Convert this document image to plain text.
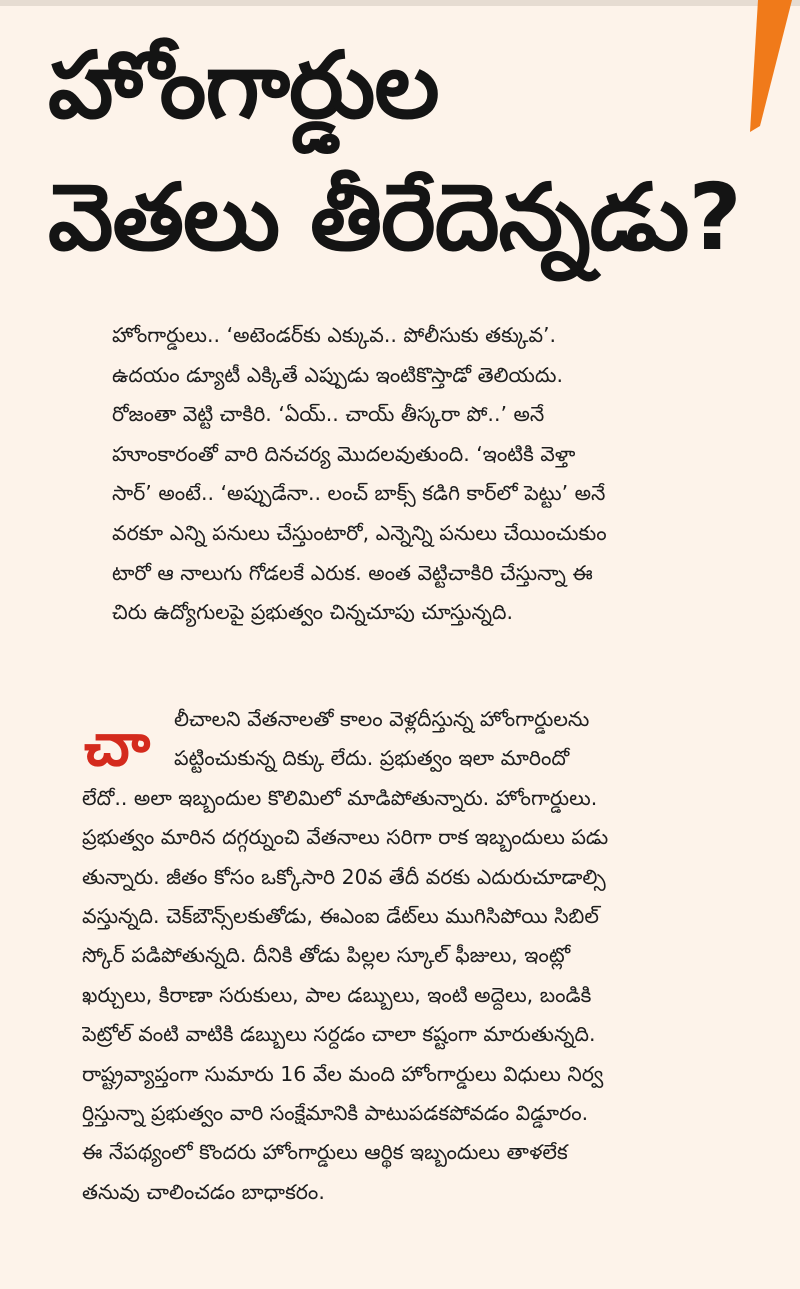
హోంగార్డుల
వెతలు తీరేదెన్నడు?

హోంగార్డులు.. ‘అటెండర్‌కు ఎక్కువ.. పోలీసుకు తక్కువ’.
ఉదయం డ్యూటీ ఎక్కితే ఎప్పుడు ఇంటికొస్తాడో తెలియదు.
రోజంతా వెట్టి చాకిరి. ‘ఏయ్‌.. చాయ్‌ తీస్కరా పో..’ అనే
హూంకారంతో వారి దినచర్య మొదలవుతుంది. ‘ఇంటికి వెళ్తా
సార్‌’ అంటే.. ‘అప్పుడేనా.. లంచ్‌ బాక్స్‌ కడిగి కార్‌లో పెట్టు’ అనే
వరకూ ఎన్ని పనులు చేస్తుంటారో, ఎన్నెన్ని పనులు చేయించుకుం
టారో ఆ నాలుగు గోడలకే ఎరుక. అంత వెట్టిచాకిరి చేస్తున్నా ఈ
చిరు ఉద్యోగులపై ప్రభుత్వం చిన్నచూపు చూస్తున్నది.

చా	లీచాలని వేతనాలతో కాలం వెళ్లదీస్తున్న హోంగార్డులను
పట్టించుకున్న దిక్కు లేదు. ప్రభుత్వం ఇలా మారిందో
లేదో.. అలా ఇబ్బందుల కొలిమిలో మాడిపోతున్నారు. హోంగార్డులు.
ప్రభుత్వం మారిన దగ్గర్నుంచి వేతనాలు సరిగా రాక ఇబ్బందులు పడు
తున్నారు. జీతం కోసం ఒక్కోసారి 20వ తేదీ వరకు ఎదురుచూడాల్సి
వస్తున్నది. చెక్‌బౌన్స్‌లకుతోడు, ఈఎంఐ డేట్‌లు ముగిసిపోయి సిబిల్‌
స్కోర్‌ పడిపోతున్నది. దీనికి తోడు పిల్లల స్కూల్‌ ఫీజులు, ఇంట్లో
ఖర్చులు, కిరాణా సరుకులు, పాల డబ్బులు, ఇంటి అద్దెలు, బండికి
పెట్రోల్‌ వంటి వాటికి డబ్బులు సర్దడం చాలా కష్టంగా మారుతున్నది.
రాష్ట్రవ్యాప్తంగా సుమారు 16 వేల మంది హోంగార్డులు విధులు నిర్వ
ర్తిస్తున్నా ప్రభుత్వం వారి సంక్షేమానికి పాటుపడకపోవడం విడ్డూరం.
ఈ నేపథ్యంలో కొందరు హోంగార్డులు ఆర్థిక ఇబ్బందులు తాళలేక
తనువు చాలించడం బాధాకరం.
